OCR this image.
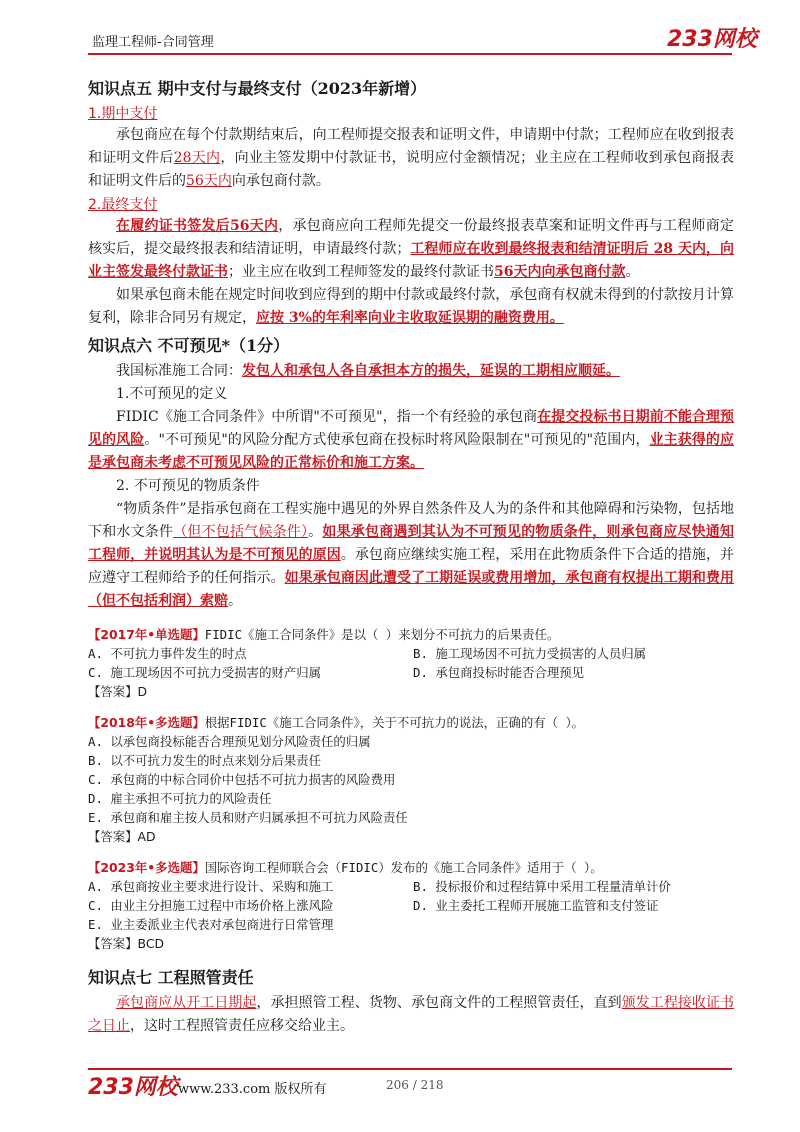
监理工程师-合同管理	233网校
知识点五 期中支付与最终支付（2023年新增）
1.期中支付

承包商应在每个付款期结束后，向工程师提交报表和证明文件，申请期中付款；工程师应在收到报表和证明文件后28天内，向业主签发期中付款证书，说明应付金额情况；业主应在工程师收到承包商报表和证明文件后的56天内向承包商付款。

2.最终支付

在履约证书签发后56天内，承包商应向工程师先提交一份最终报表草案和证明文件再与工程师商定核实后，提交最终报表和结清证明，申请最终付款；工程师应在收到最终报表和结清证明后 28 天内，向业主签发最终付款证书；业主应在收到工程师签发的最终付款证书56天内向承包商付款。

如果承包商未能在规定时间收到应得到的期中付款或最终付款，承包商有权就未得到的付款按月计算复利，除非合同另有规定，应按 3%的年利率向业主收取延误期的融资费用。

知识点六 不可预见*（1分）

我国标准施工合同：发包人和承包人各自承担本方的损失，延误的工期相应顺延。

1.不可预见的定义

FIDIC《施工合同条件》中所谓"不可预见"，指一个有经验的承包商在提交投标书日期前不能合理预见的风险。"不可预见"的风险分配方式使承包商在投标时将风险限制在"可预见的"范围内，业主获得的应是承包商未考虑不可预见风险的正常标价和施工方案。

2. 不可预见的物质条件

“物质条件”是指承包商在工程实施中遇见的外界自然条件及人为的条件和其他障碍和污染物，包括地下和水文条件（但不包括气候条件）。如果承包商遇到其认为不可预见的物质条件，则承包商应尽快通知工程师，并说明其认为是不可预见的原因。承包商应继续实施工程，采用在此物质条件下合适的措施，并应遵守工程师给予的任何指示。如果承包商因此遭受了工期延误或费用增加，承包商有权提出工期和费用（但不包括利润）索赔。

【2017年•单选题】FIDIC《施工合同条件》是以（ ）来划分不可抗力的后果责任。
A. 不可抗力事件发生的时点	B. 施工现场因不可抗力受损害的人员归属
C. 施工现场因不可抗力受损害的财产归属	D. 承包商投标时能否合理预见
【答案】D
【2018年•多选题】根据FIDIC《施工合同条件》，关于不可抗力的说法，正确的有（ ）。
A. 以承包商投标能否合理预见划分风险责任的归属
B. 以不可抗力发生的时点来划分后果责任
C. 承包商的中标合同价中包括不可抗力损害的风险费用
D. 雇主承担不可抗力的风险责任
E. 承包商和雇主按人员和财产归属承担不可抗力风险责任
【答案】AD
【2023年•多选题】国际咨询工程师联合会（FIDIC）发布的《施工合同条件》适用于（ ）。
A. 承包商按业主要求进行设计、采购和施工	B. 投标报价和过程结算中采用工程量清单计价
C. 由业主分担施工过程中市场价格上涨风险	D. 业主委托工程师开展施工监管和支付签证
E. 业主委派业主代表对承包商进行日常管理
【答案】BCD
知识点七 工程照管责任

承包商应从开工日期起，承担照管工程、货物、承包商文件的工程照管责任，直到颁发工程接收证书之日止，这时工程照管责任应移交给业主。

233网校 www.233.com 版权所有	206 / 218
